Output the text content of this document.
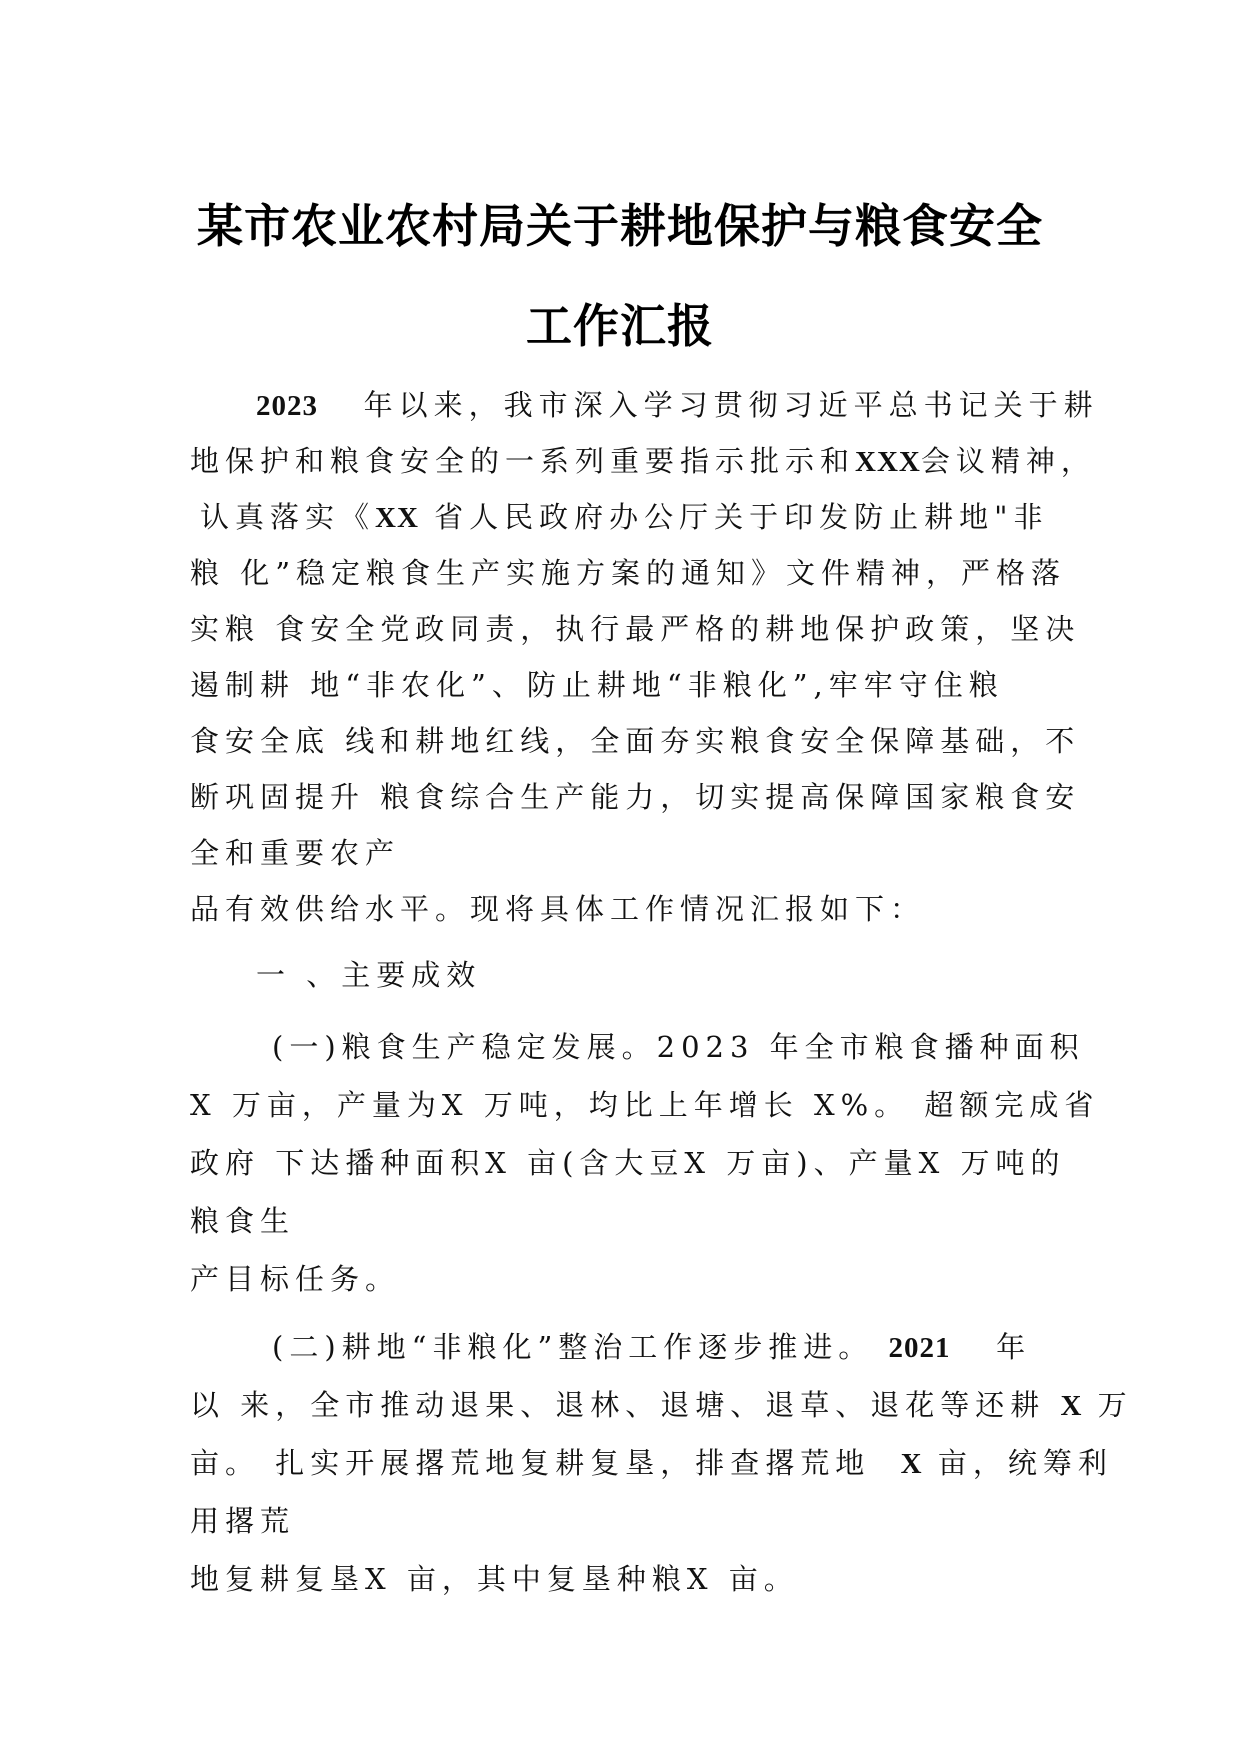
某市农业农村局关于耕地保护与粮食安全
工作汇报
2023 年以来，我市深入学习贯彻习近平总书记关于耕
地保护和粮食安全的一系列重要指示批示和XXX会议精神，
认真落实《XX 省人民政府办公厅关于印发防止耕地"非
粮 化”稳定粮食生产实施方案的通知》文件精神，严格落
实粮 食安全党政同责，执行最严格的耕地保护政策，坚决
遏制耕 地“非农化”、防止耕地“非粮化”,牢牢守住粮
食安全底 线和耕地红线，全面夯实粮食安全保障基础，不
断巩固提升 粮食综合生产能力，切实提高保障国家粮食安
全和重要农产
品有效供给水平。现将具体工作情况汇报如下：
一 、主要成效
(一)粮食生产稳定发展。2023 年全市粮食播种面积
X 万亩，产量为X 万吨，均比上年增长 X%。 超额完成省
政府 下达播种面积X 亩(含大豆X 万亩)、产量X 万吨的
粮食生
产目标任务。
(二)耕地“非粮化”整治工作逐步推进。 2021 年
以 来，全市推动退果、退林、退塘、退草、退花等还耕 X 万
亩。 扎实开展撂荒地复耕复垦，排查撂荒地 X 亩，统筹利
用撂荒
地复耕复垦X 亩，其中复垦种粮X 亩。
